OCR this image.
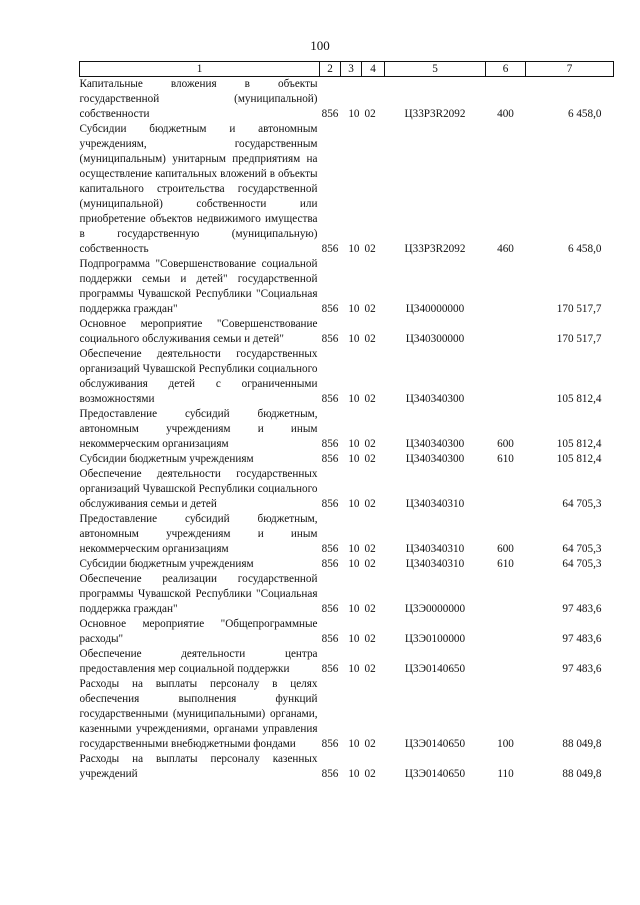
100
1	2	3	4	5	6	7
Капитальные вложения в объекты государственной (муниципальной) собственности	856	10	02	Ц33Р3R2092	400	6 458,0
Субсидии бюджетным и автономным учреждениям, государственным (муниципальным) унитарным предприятиям на осуществление капитальных вложений в объекты капитального строительства государственной (муниципальной) собственности или приобретение объектов недвижимого имущества в государственную (муниципальную) собственность	856	10	02	Ц33Р3R2092	460	6 458,0
Подпрограмма "Совершенствование социальной поддержки семьи и детей" государственной программы Чувашской Республики "Социальная поддержка граждан"	856	10	02	Ц340000000		170 517,7
Основное мероприятие "Совершенствование социального обслуживания семьи и детей"	856	10	02	Ц340300000		170 517,7
Обеспечение деятельности государственных организаций Чувашской Республики социального обслуживания детей с ограниченными возможностями	856	10	02	Ц340340300		105 812,4
Предоставление субсидий бюджетным, автономным учреждениям и иным некоммерческим организациям	856	10	02	Ц340340300	600	105 812,4
Субсидии бюджетным учреждениям	856	10	02	Ц340340300	610	105 812,4
Обеспечение деятельности государственных организаций Чувашской Республики социального обслуживания семьи и детей	856	10	02	Ц340340310		64 705,3
Предоставление субсидий бюджетным, автономным учреждениям и иным некоммерческим организациям	856	10	02	Ц340340310	600	64 705,3
Субсидии бюджетным учреждениям	856	10	02	Ц340340310	610	64 705,3
Обеспечение реализации государственной программы Чувашской Республики "Социальная поддержка граждан"	856	10	02	Ц3Э0000000		97 483,6
Основное мероприятие "Общепрограммные расходы"	856	10	02	Ц3Э0100000		97 483,6
Обеспечение деятельности центра предоставления мер социальной поддержки	856	10	02	Ц3Э0140650		97 483,6
Расходы на выплаты персоналу в целях обеспечения выполнения функций государственными (муниципальными) органами, казенными учреждениями, органами управления государственными внебюджетными фондами	856	10	02	Ц3Э0140650	100	88 049,8
Расходы на выплаты персоналу казенных учреждений	856	10	02	Ц3Э0140650	110	88 049,8
